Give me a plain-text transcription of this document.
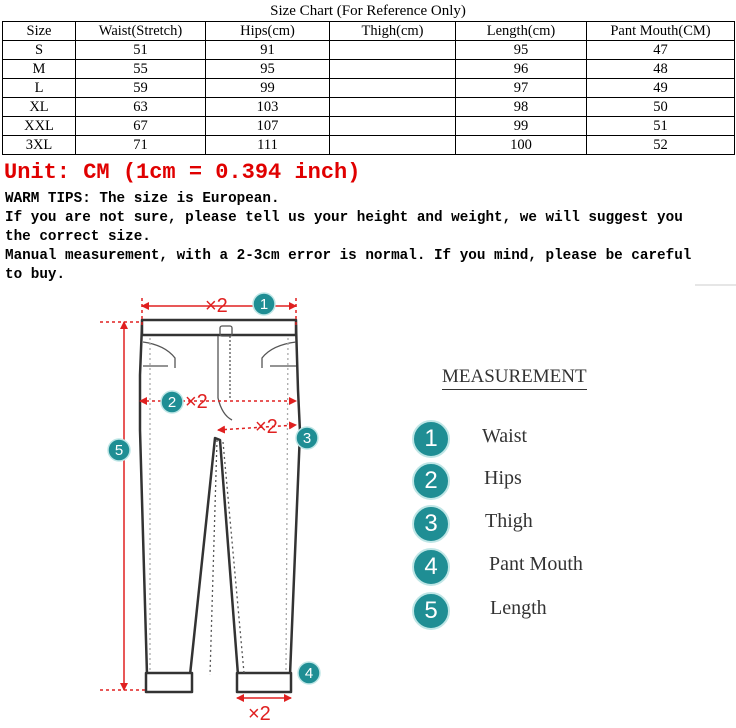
Size Chart (For Reference Only)
Size	Waist(Stretch)	Hips(cm)	Thigh(cm)	Length(cm)	Pant Mouth(CM)
S	51	91		95	47
M	55	95		96	48
L	59	99		97	49
XL	63	103		98	50
XXL	67	107		99	51
3XL	71	111		100	52
Unit: CM (1cm = 0.394 inch)
WARM TIPS: The size is European.
If you are not sure, please tell us your height and weight, we will suggest you
the correct size.
Manual measurement, with a 2-3cm error is normal. If you mind, please be careful
to buy.
×2
×2
×2
×2
1
2
3
4
5
MEASUREMENT
1	Waist
2	Hips
3	Thigh
4	Pant Mouth
5	Length
